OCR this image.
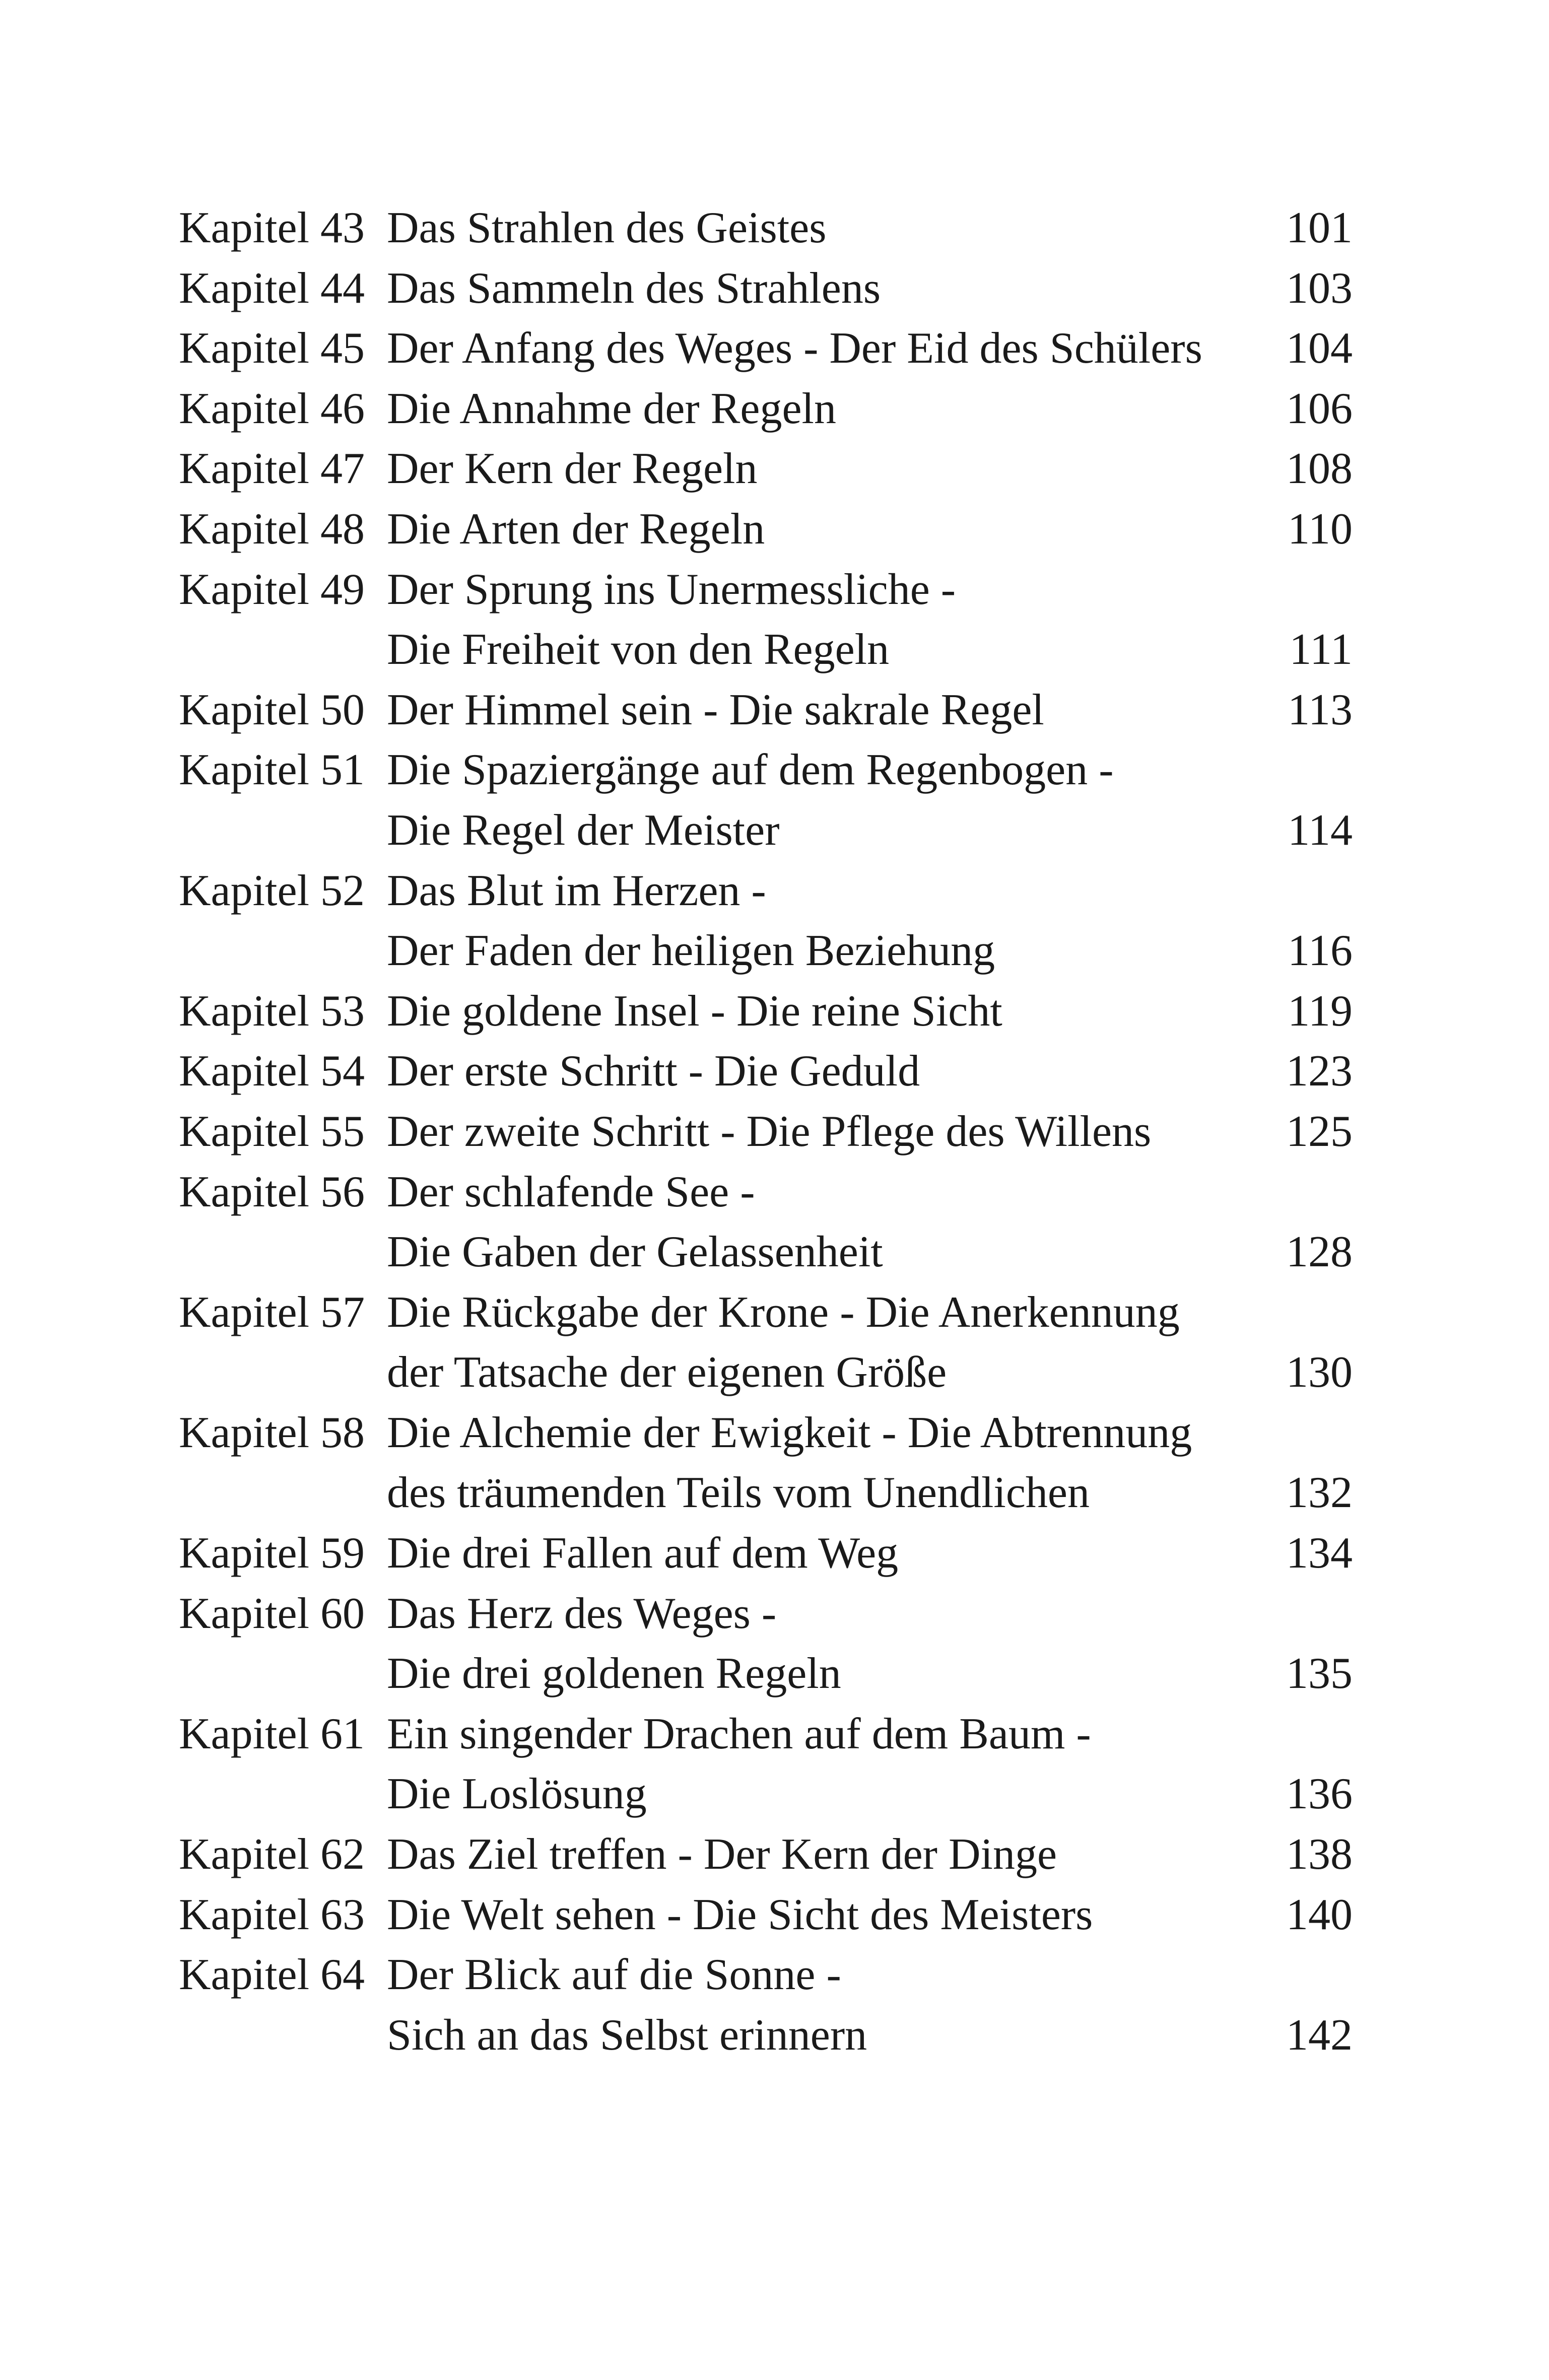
Kapitel 43 Das Strahlen des Geistes	101
Kapitel 44 Das Sammeln des Strahlens	103
Kapitel 45 Der Anfang des Weges - Der Eid des Schülers 104
Kapitel 46 Die Annahme der Regeln	106
Kapitel 47 Der Kern der Regeln	108
Kapitel 48 Die Arten der Regeln	110
Kapitel 49 Der Sprung ins Unermessliche -
Die Freiheit von den Regeln	111
Kapitel 50 Der Himmel sein - Die sakrale Regel	113
Kapitel 51 Die Spaziergänge auf dem Regenbogen -
Die Regel der Meister	114
Kapitel 52 Das Blut im Herzen -
Der Faden der heiligen Beziehung	116
Kapitel 53 Die goldene Insel - Die reine Sicht	119
Kapitel 54 Der erste Schritt - Die Geduld	123
Kapitel 55 Der zweite Schritt - Die Pflege des Willens	125
Kapitel 56 Der schlafende See -
Die Gaben der Gelassenheit	128
Kapitel 57 Die Rückgabe der Krone - Die Anerkennung
der Tatsache der eigenen Größe	130
Kapitel 58 Die Alchemie der Ewigkeit - Die Abtrennung
des träumenden Teils vom Unendlichen	132
Kapitel 59 Die drei Fallen auf dem Weg	134
Kapitel 60 Das Herz des Weges -
Die drei goldenen Regeln	135
Kapitel 61 Ein singender Drachen auf dem Baum -
Die Loslösung	136
Kapitel 62 Das Ziel treffen - Der Kern der Dinge	138
Kapitel 63 Die Welt sehen - Die Sicht des Meisters	140
Kapitel 64 Der Blick auf die Sonne -
Sich an das Selbst erinnern	142
